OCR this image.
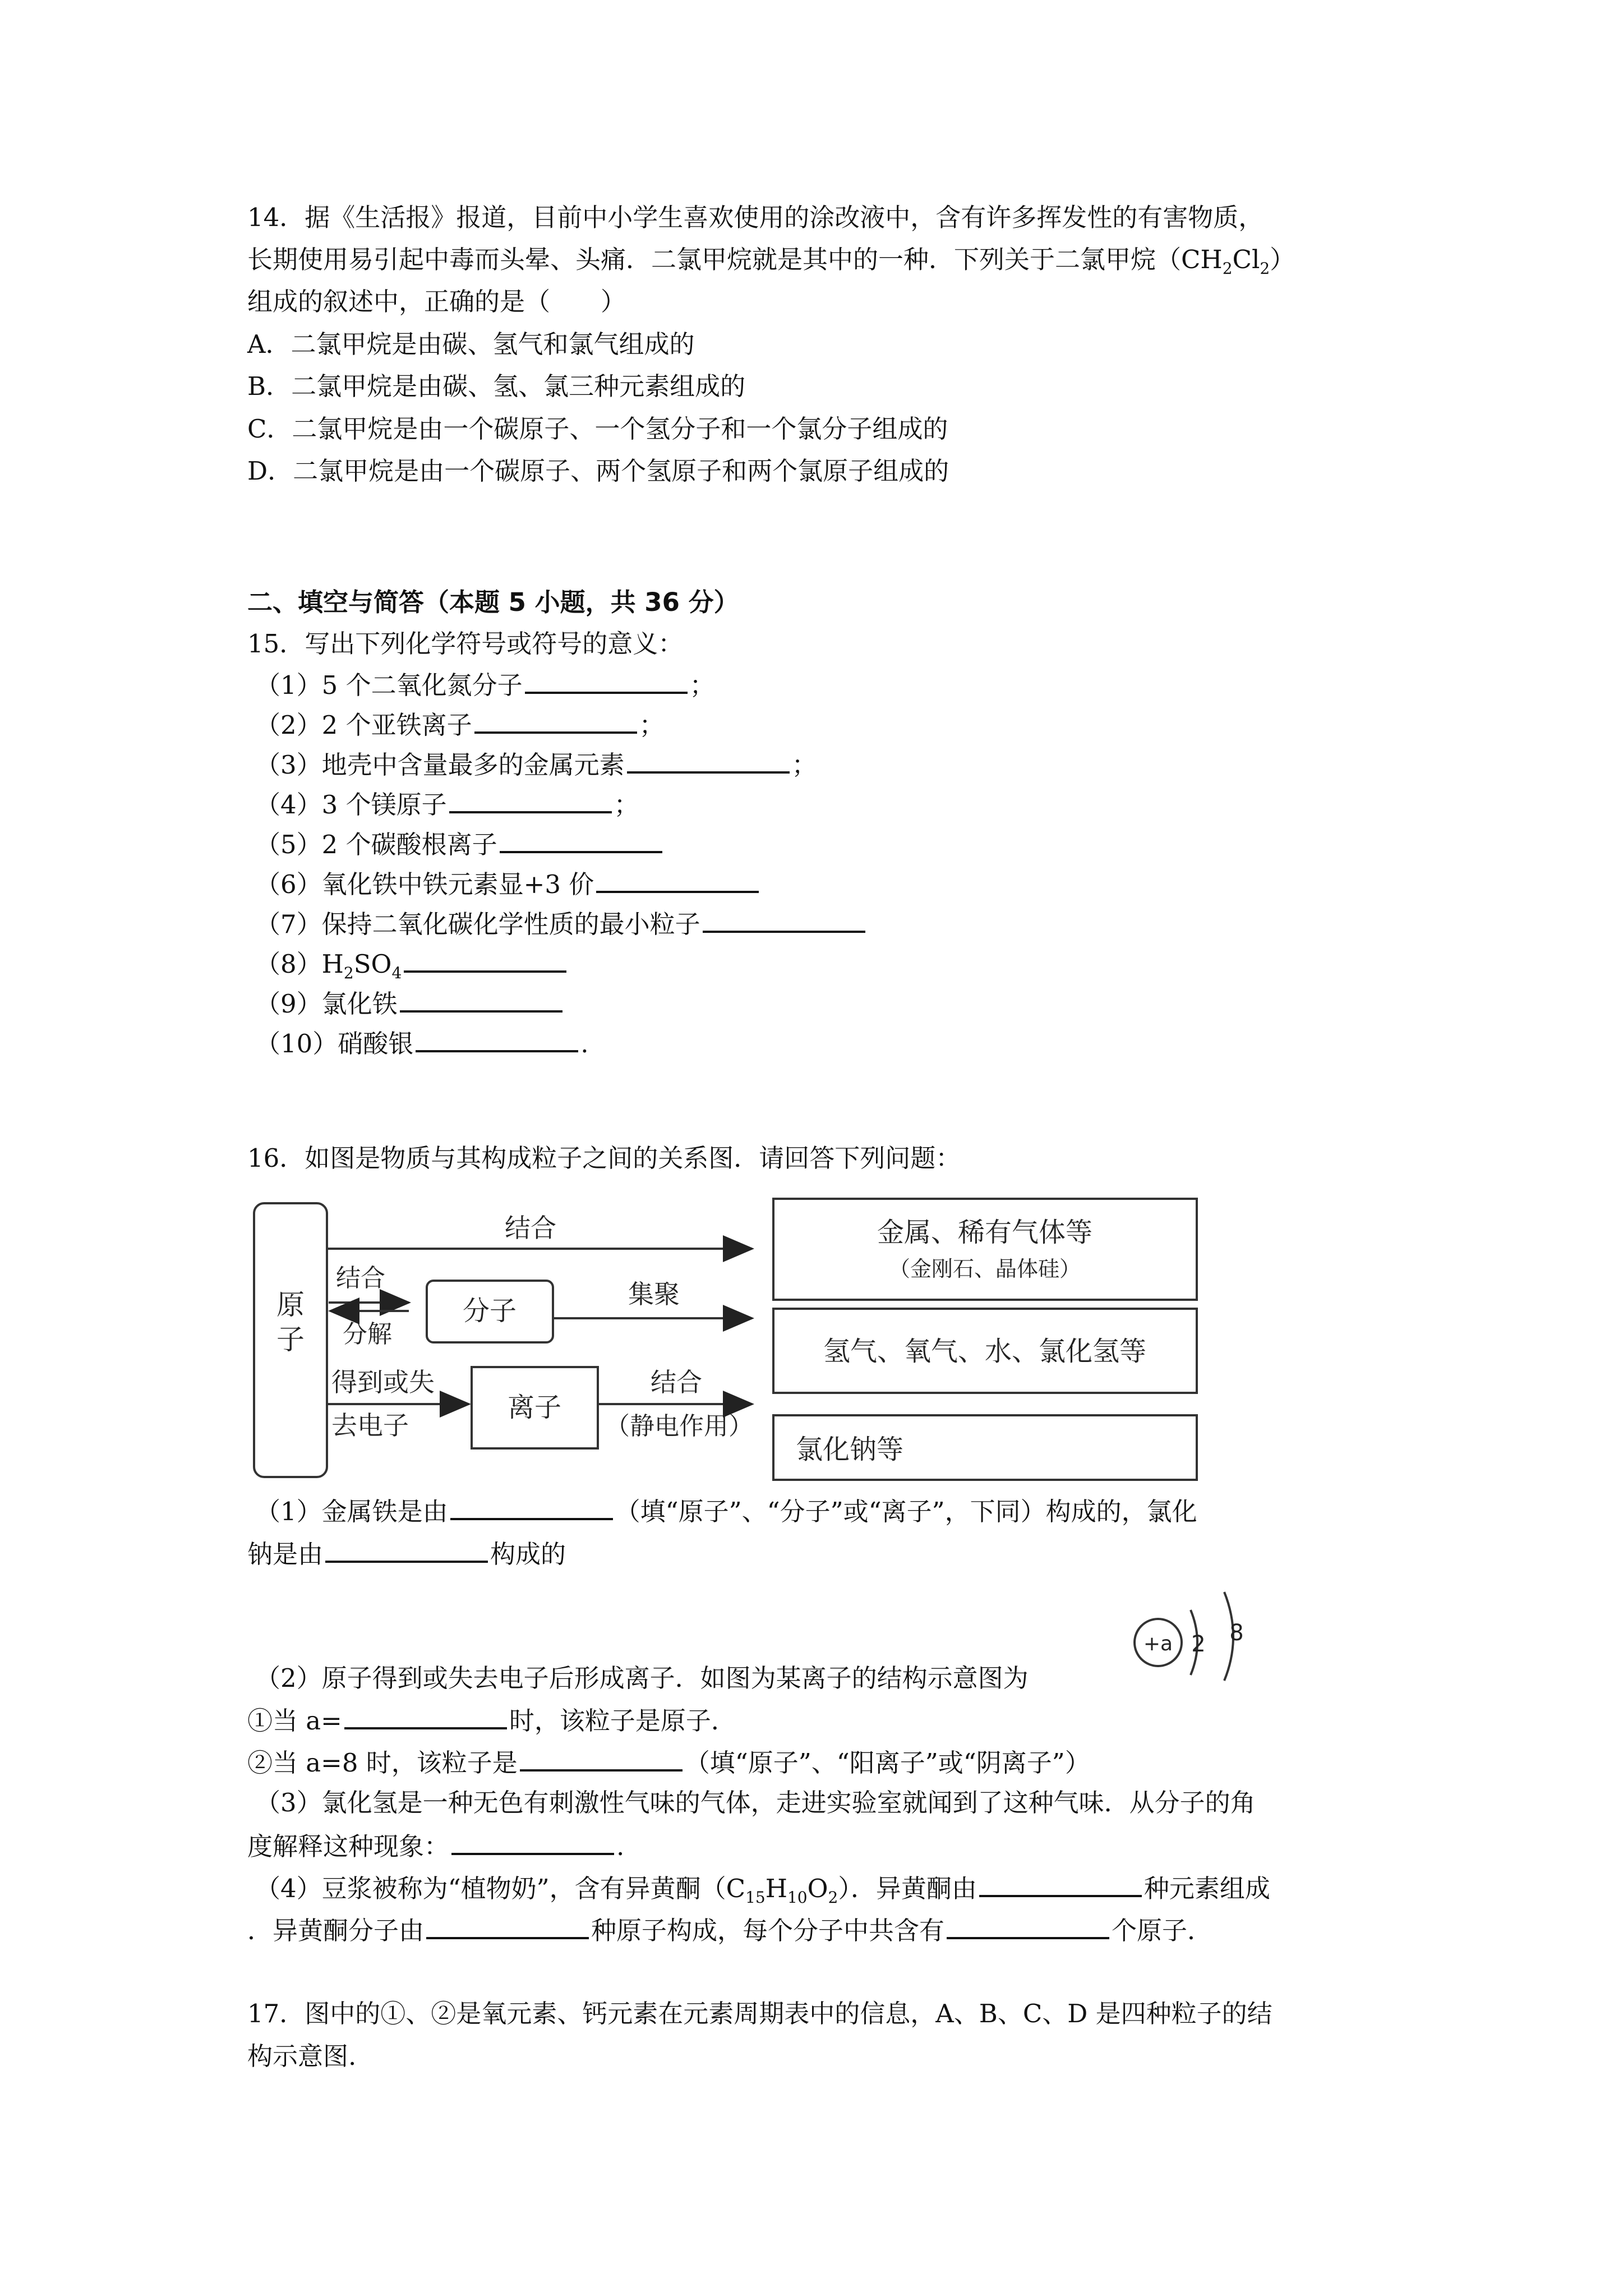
14．据《生活报》报道，目前中小学生喜欢使用的涂改液中，含有许多挥发性的有害物质，
长期使用易引起中毒而头晕、头痛．二氯甲烷就是其中的一种．下列关于二氯甲烷$(CH_2Cl_2)$
组成的叙述中，正确的是（　　）
A．二氯甲烷是由碳、氢气和氯气组成的
B．二氯甲烷是由碳、氢、氯三种元素组成的
C．二氯甲烷是由一个碳原子、一个氢分子和一个氯分子组成的
D．二氯甲烷是由一个碳原子、两个氢原子和两个氯原子组成的
二、填空与简答（本题 5 小题，共 36 分）
15．写出下列化学符号或符号的意义：
（1）5 个二氧化氮分子	；
（2）2 个亚铁离子	；
（3）地壳中含量最多的金属元素	；
（4）3 个镁原子	；
（5）2 个碳酸根离子
（6）氧化铁中铁元素显+3 价
（7）保持二氧化碳化学性质的最小粒子
$(8)H_2SO_4$
（9）氯化铁
（10）硝酸银	.
16．如图是物质与其构成粒子之间的关系图．请回答下列问题：
原
子
结合
结合
分解
分子
集聚
得到或失
去电子
离子
结合
（静电作用）
金属、稀有气体等
（金刚石、晶体硅）
氢气、氧气、水、氯化氢等
氯化钠等
（1）金属铁是由	（填“原子”、“分子”或“离子”，下同）构成的，氯化
钠是由	构成的
+a 2 8
（2）原子得到或失去电子后形成离子．如图为某离子的结构示意图为
①当 a=	时，该粒子是原子．
②当 a=8 时，该粒子是	（填“原子”、“阳离子”或“阴离子”）
（3）氯化氢是一种无色有刺激性气味的气体，走进实验室就闻到了这种气味．从分子的角
度解释这种现象：	.
（4）豆浆被称为“植物奶”，含有异黄酮$(C_{15}H_{10}O_2)$．异黄酮由	种元素组成
．异黄酮分子由	种原子构成，每个分子中共含有	个原子．
17．图中的①、②是氧元素、钙元素在元素周期表中的信息，A、B、C、D 是四种粒子的结
构示意图.
